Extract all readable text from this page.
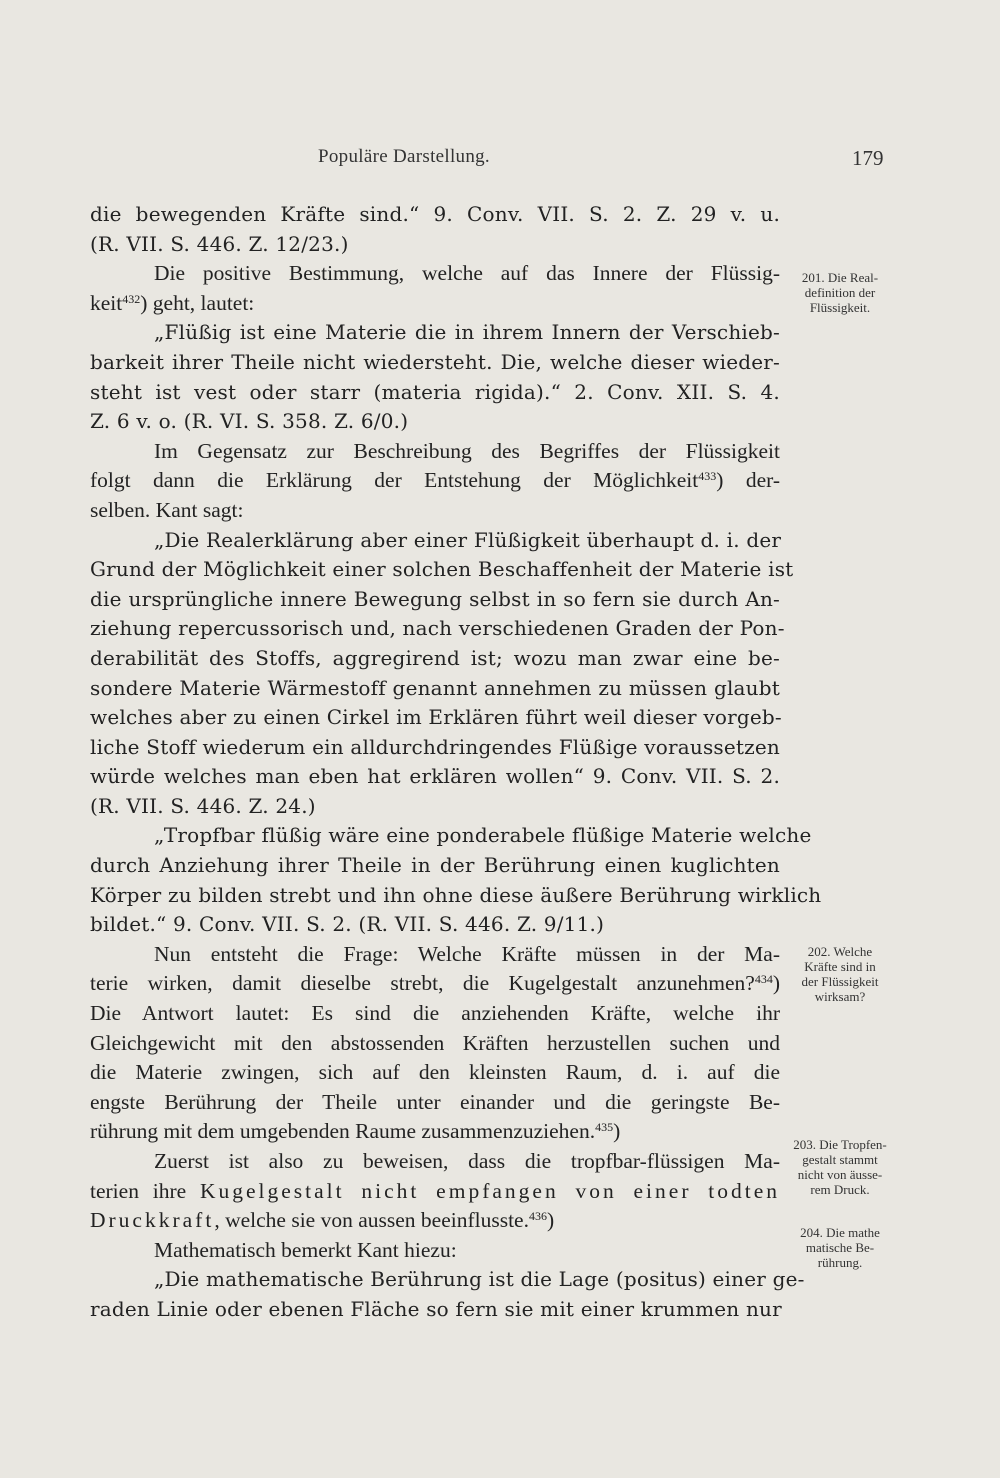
Populäre Darstellung.	179
die bewegenden Kräfte sind.“ 9. Conv. VII. S. 2. Z. 29 v. u.
(R. VII. S. 446. Z. 12/23.)
Die positive Bestimmung, welche auf das Innere der Flüssig-
keit$^{432}$) geht, lautet:
„Flüßig ist eine Materie die in ihrem Innern der Verschieb-
barkeit ihrer Theile nicht wiedersteht. Die, welche dieser wieder-
steht ist vest oder starr (materia rigida).“ 2. Conv. XII. S. 4.
Z. 6 v. o. (R. VI. S. 358. Z. 6/0.)
Im Gegensatz zur Beschreibung des Begriffes der Flüssigkeit
folgt dann die Erklärung der Entstehung der Möglichkeit$^{433}$) der-
selben. Kant sagt:
„Die Realerklärung aber einer Flüßigkeit überhaupt d. i. der
Grund der Möglichkeit einer solchen Beschaffenheit der Materie ist
die ursprüngliche innere Bewegung selbst in so fern sie durch An-
ziehung repercussorisch und, nach verschiedenen Graden der Pon-
derabilität des Stoffs, aggregirend ist; wozu man zwar eine be-
sondere Materie Wärmestoff genannt annehmen zu müssen glaubt
welches aber zu einen Cirkel im Erklären führt weil dieser vorgeb-
liche Stoff wiederum ein alldurchdringendes Flüßige voraussetzen
würde welches man eben hat erklären wollen“ 9. Conv. VII. S. 2.
(R. VII. S. 446. Z. 24.)
„Tropfbar flüßig wäre eine ponderabele flüßige Materie welche
durch Anziehung ihrer Theile in der Berührung einen kuglichten
Körper zu bilden strebt und ihn ohne diese äußere Berührung wirklich
bildet.“ 9. Conv. VII. S. 2. (R. VII. S. 446. Z. 9/11.)
Nun entsteht die Frage: Welche Kräfte müssen in der Ma-
terie wirken, damit dieselbe strebt, die Kugelgestalt anzunehmen?$^{434}$)
Die Antwort lautet: Es sind die anziehenden Kräfte, welche ihr
Gleichgewicht mit den abstossenden Kräften herzustellen suchen und
die Materie zwingen, sich auf den kleinsten Raum, d. i. auf die
engste Berührung der Theile unter einander und die geringste Be-
rührung mit dem umgebenden Raume zusammenzuziehen.$^{435}$)
Zuerst ist also zu beweisen, dass die tropfbar-flüssigen Ma-
terien ihre Kugelgestalt nicht empfangen von einer todten
Druckkraft, welche sie von aussen beeinflusste.$^{436}$)
Mathematisch bemerkt Kant hiezu:
„Die mathematische Berührung ist die Lage (positus) einer ge-
raden Linie oder ebenen Fläche so fern sie mit einer krummen nur
201. Die Real-
definition der
Flüssigkeit.
202. Welche
Kräfte sind in
der Flüssigkeit
wirksam?
203. Die Tropfen-
gestalt stammt
nicht von äusse-
rem Druck.
204. Die mathe
matische Be-
rührung.
